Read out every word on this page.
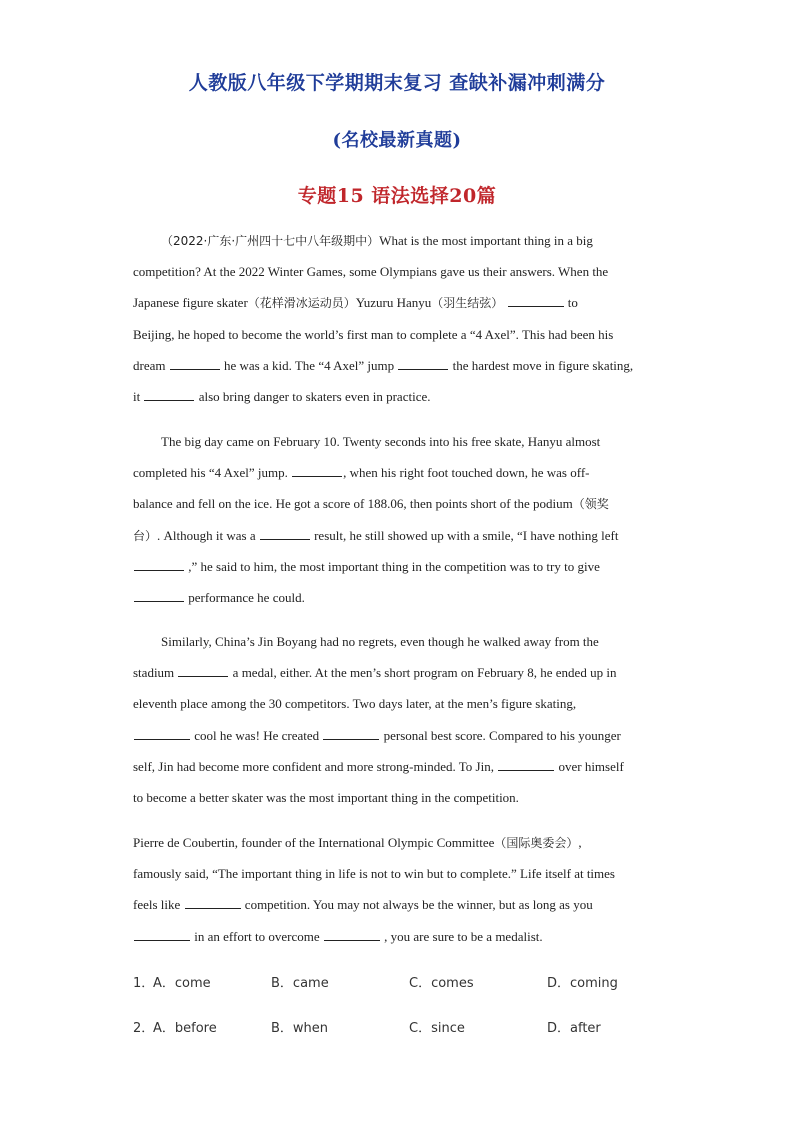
人教版八年级下学期期末复习 查缺补漏冲刺满分
(名校最新真题)
专题15 语法选择20篇
（2022·广东·广州四十七中八年级期中）What is the most important thing in a big
competition? At the 2022 Winter Games, some Olympians gave us their answers. When the
Japanese figure skater（花样滑冰运动员）Yuzuru Hanyu（羽生结弦）	to
Beijing, he hoped to become the world’s first man to complete a “4 Axel”. This had been his
dream	he was a kid. The “4 Axel” jump	the hardest move in figure skating,
it	also bring danger to skaters even in practice.
The big day came on February 10. Twenty seconds into his free skate, Hanyu almost
completed his “4 Axel” jump.	, when his right foot touched down, he was off-
balance and fell on the ice. He got a score of 188.06, then points short of the podium（领奖
台）. Although it was a	result, he still showed up with a smile, “I have nothing left
,” he said to him, the most important thing in the competition was to try to give
performance he could.
Similarly, China’s Jin Boyang had no regrets, even though he walked away from the
stadium	a medal, either. At the men’s short program on February 8, he ended up in
eleventh place among the 30 competitors. Two days later, at the men’s figure skating,
cool he was! He created	personal best score. Compared to his younger
self, Jin had become more confident and more strong-minded. To Jin,	over himself
to become a better skater was the most important thing in the competition.
Pierre de Coubertin, founder of the International Olympic Committee（国际奥委会）,
famously said, “The important thing in life is not to win but to complete.” Life itself at times
feels like	competition. You may not always be the winner, but as long as you
in an effort to overcome	, you are sure to be a medalist.
1．
A．come	B．came	C．comes	D．coming
2．
A．before	B．when	C．since	D．after
